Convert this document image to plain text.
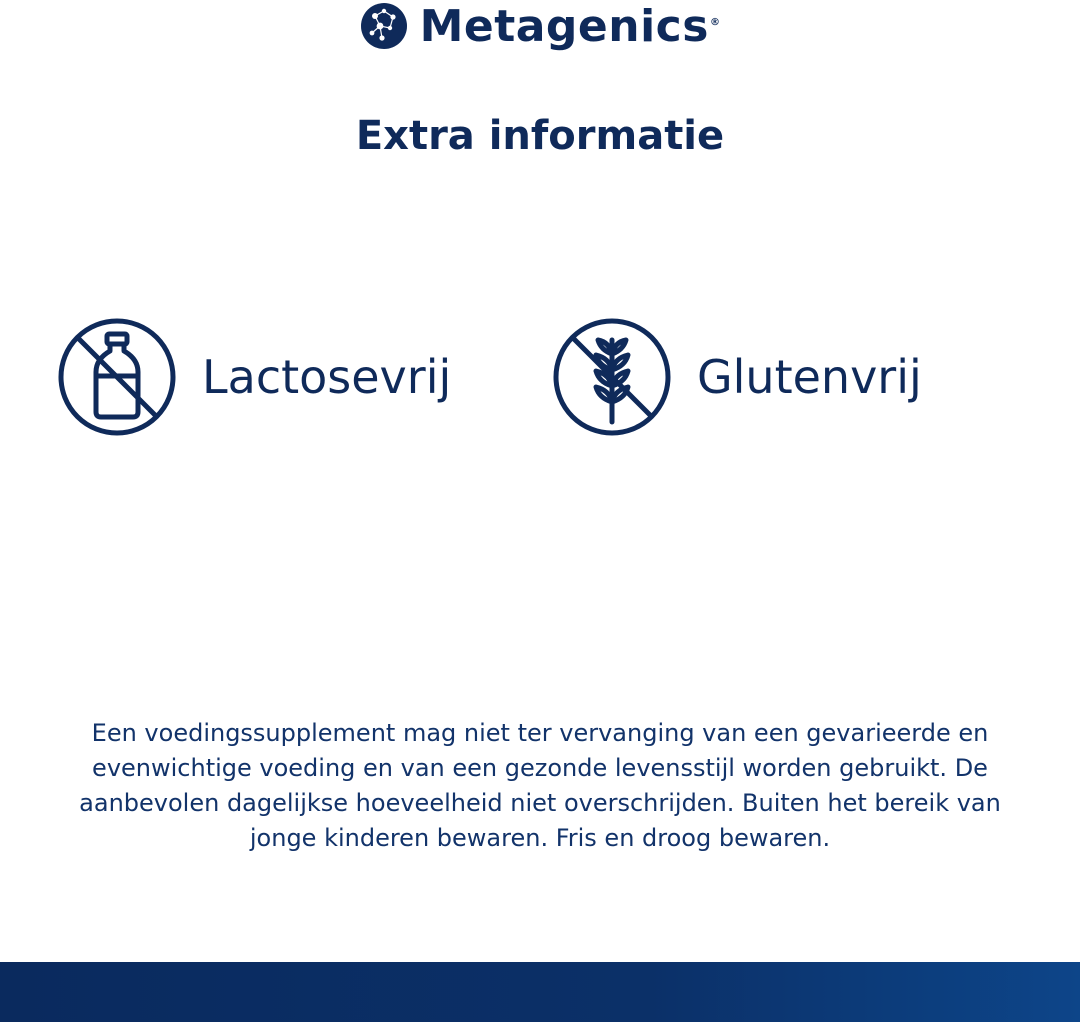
Metagenics®
Extra informatie
Lactosevrij	Glutenvrij
Een voedingssupplement mag niet ter vervanging van een gevarieerde en
evenwichtige voeding en van een gezonde levensstijl worden gebruikt. De
aanbevolen dagelijkse hoeveelheid niet overschrijden. Buiten het bereik van
jonge kinderen bewaren. Fris en droog bewaren.
